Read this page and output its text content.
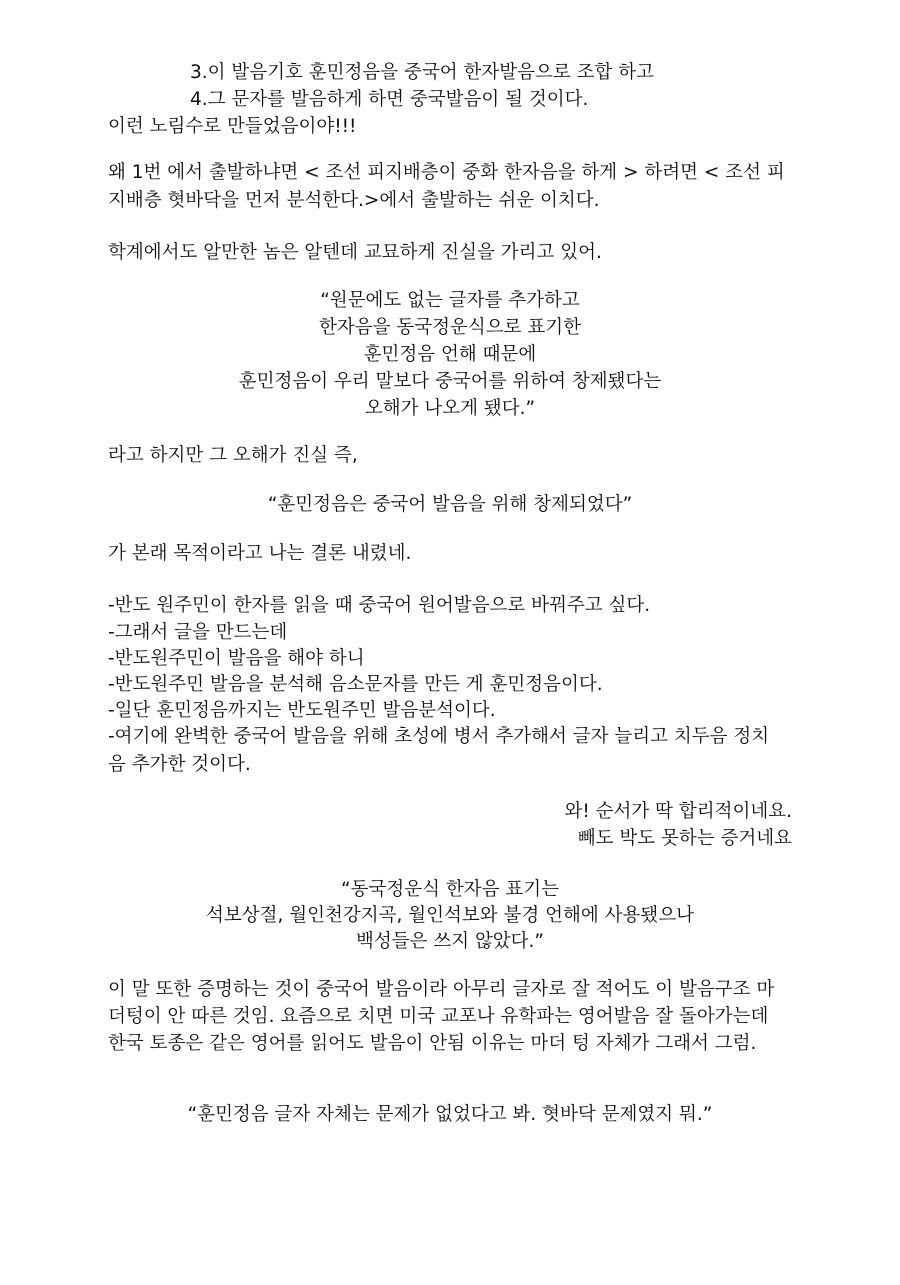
3.이 발음기호 훈민정음을 중국어 한자발음으로 조합 하고
4.그 문자를 발음하게 하면 중국발음이 될 것이다.
이런 노림수로 만들었음이야!!!
왜 1번 에서 출발하냐면 < 조선 피지배층이 중화 한자음을 하게 > 하려면 < 조선 피
지배층 혓바닥을 먼저 분석한다.>에서 출발하는 쉬운 이치다.
학계에서도 알만한 놈은 알텐데 교묘하게 진실을 가리고 있어.
“원문에도 없는 글자를 추가하고
한자음을 동국정운식으로 표기한
훈민정음 언해 때문에
훈민정음이 우리 말보다 중국어를 위하여 창제됐다는
오해가 나오게 됐다.”
라고 하지만 그 오해가 진실 즉,
“훈민정음은 중국어 발음을 위해 창제되었다”
가 본래 목적이라고 나는 결론 내렸네.
-반도 원주민이 한자를 읽을 때 중국어 원어발음으로 바꿔주고 싶다.
-그래서 글을 만드는데
-반도원주민이 발음을 해야 하니
-반도원주민 발음을 분석해 음소문자를 만든 게 훈민정음이다.
-일단 훈민정음까지는 반도원주민 발음분석이다.
-여기에 완벽한 중국어 발음을 위해 초성에 병서 추가해서 글자 늘리고 치두음 정치
음 추가한 것이다.
와! 순서가 딱 합리적이네요.
빼도 박도 못하는 증거네요
“동국정운식 한자음 표기는
석보상절, 월인천강지곡, 월인석보와 불경 언해에 사용됐으나
백성들은 쓰지 않았다.”
이 말 또한 증명하는 것이 중국어 발음이라 아무리 글자로 잘 적어도 이 발음구조 마
더텅이 안 따른 것임. 요즘으로 치면 미국 교포나 유학파는 영어발음 잘 돌아가는데
한국 토종은 같은 영어를 읽어도 발음이 안됨 이유는 마더 텅 자체가 그래서 그럼.
“훈민정음 글자 자체는 문제가 없었다고 봐. 혓바닥 문제였지 뭐.”
